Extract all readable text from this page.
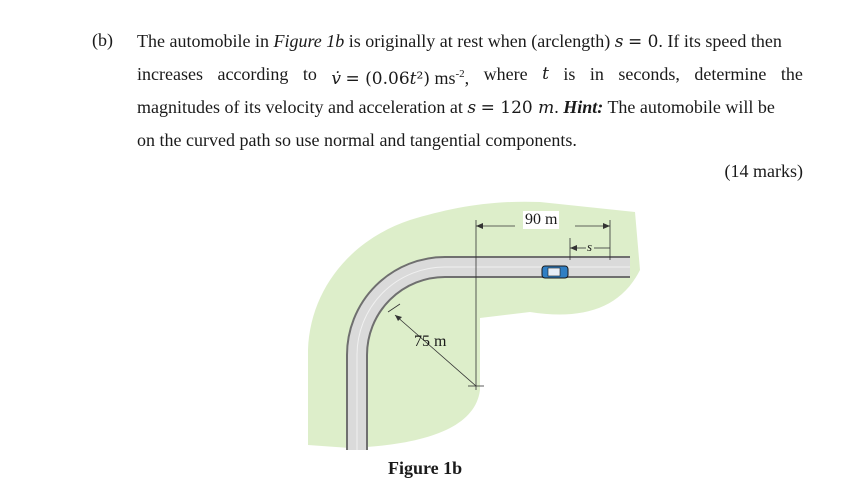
(b) The automobile in Figure 1b is originally at rest when (arclength) s = 0. If its speed then
increases according to v̇ = (0.06t²) $ms^{-2}$, where t is in seconds, determine the
magnitudes of its velocity and acceleration at s = 120 m. Hint: The automobile will be
on the curved path so use normal and tangential components.
(14 marks)
90 m
s
75 m
Figure 1b
